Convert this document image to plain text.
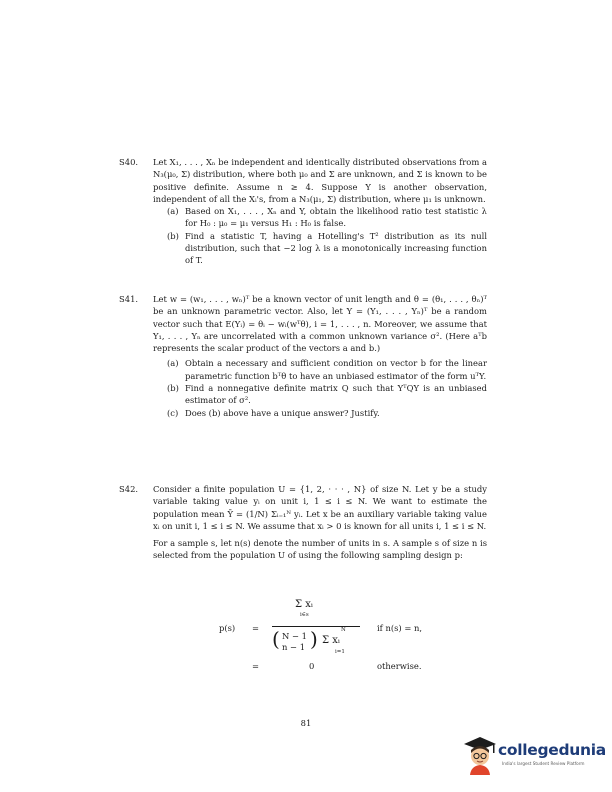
S40. Let X₁, . . . , Xₙ be independent and identically distributed observations from a N₃(μ₀, Σ) distribution, where both μ₀ and Σ are unknown, and Σ is known to be positive definite. Assume n ≥ 4. Suppose Y is another observation, independent of all the Xᵢ's, from a N₃(μ₁, Σ) distribution, where μ₁ is unknown.

(a) Based on X₁, . . . , Xₙ and Y, obtain the likelihood ratio test statistic λ for H₀ : μ₀ = μ₁ versus H₁ : H₀ is false.
(b) Find a statistic T, having a Hotelling's T² distribution as its null distribution, such that −2 log λ is a monotonically increasing function of T.
S41. Let w = (w₁, . . . , wₙ)ᵀ be a known vector of unit length and θ = (θ₁, . . . , θₙ)ᵀ be an unknown parametric vector. Also, let Y = (Y₁, . . . , Yₙ)ᵀ be a random vector such that E(Yᵢ) = θᵢ − wᵢ(wᵀθ), i = 1, . . . , n. Moreover, we assume that Y₁, . . . , Yₙ are uncorrelated with a common unknown variance σ². (Here aᵀb represents the scalar product of the vectors a and b.)

(a) Obtain a necessary and sufficient condition on vector b for the linear parametric function bᵀθ to have an unbiased estimator of the form uᵀY.
(b) Find a nonnegative definite matrix Q such that YᵀQY is an unbiased estimator of σ².
(c) Does (b) above have a unique answer? Justify.
S42. Consider a finite population U = {1, 2, · · · , N} of size N. Let y be a study variable taking value yᵢ on unit i, 1 ≤ i ≤ N. We want to estimate the population mean Ȳ = (1/N) Σᵢ₌₁ᴺ yᵢ. Let x be an auxiliary variable taking value xᵢ on unit i, 1 ≤ i ≤ N. We assume that xᵢ > 0 is known for all units i, 1 ≤ i ≤ N.

For a sample s, let n(s) denote the number of units in s. A sample s of size n is selected from the population U of using the following sampling design p:

p(s) =
Σ xᵢ
i∈s
( N − 1
n − 1 )	N
Σ xᵢ
i=1
if n(s) = n,
=	0	otherwise.
81
collegedunia
India's largest Student Review Platform
